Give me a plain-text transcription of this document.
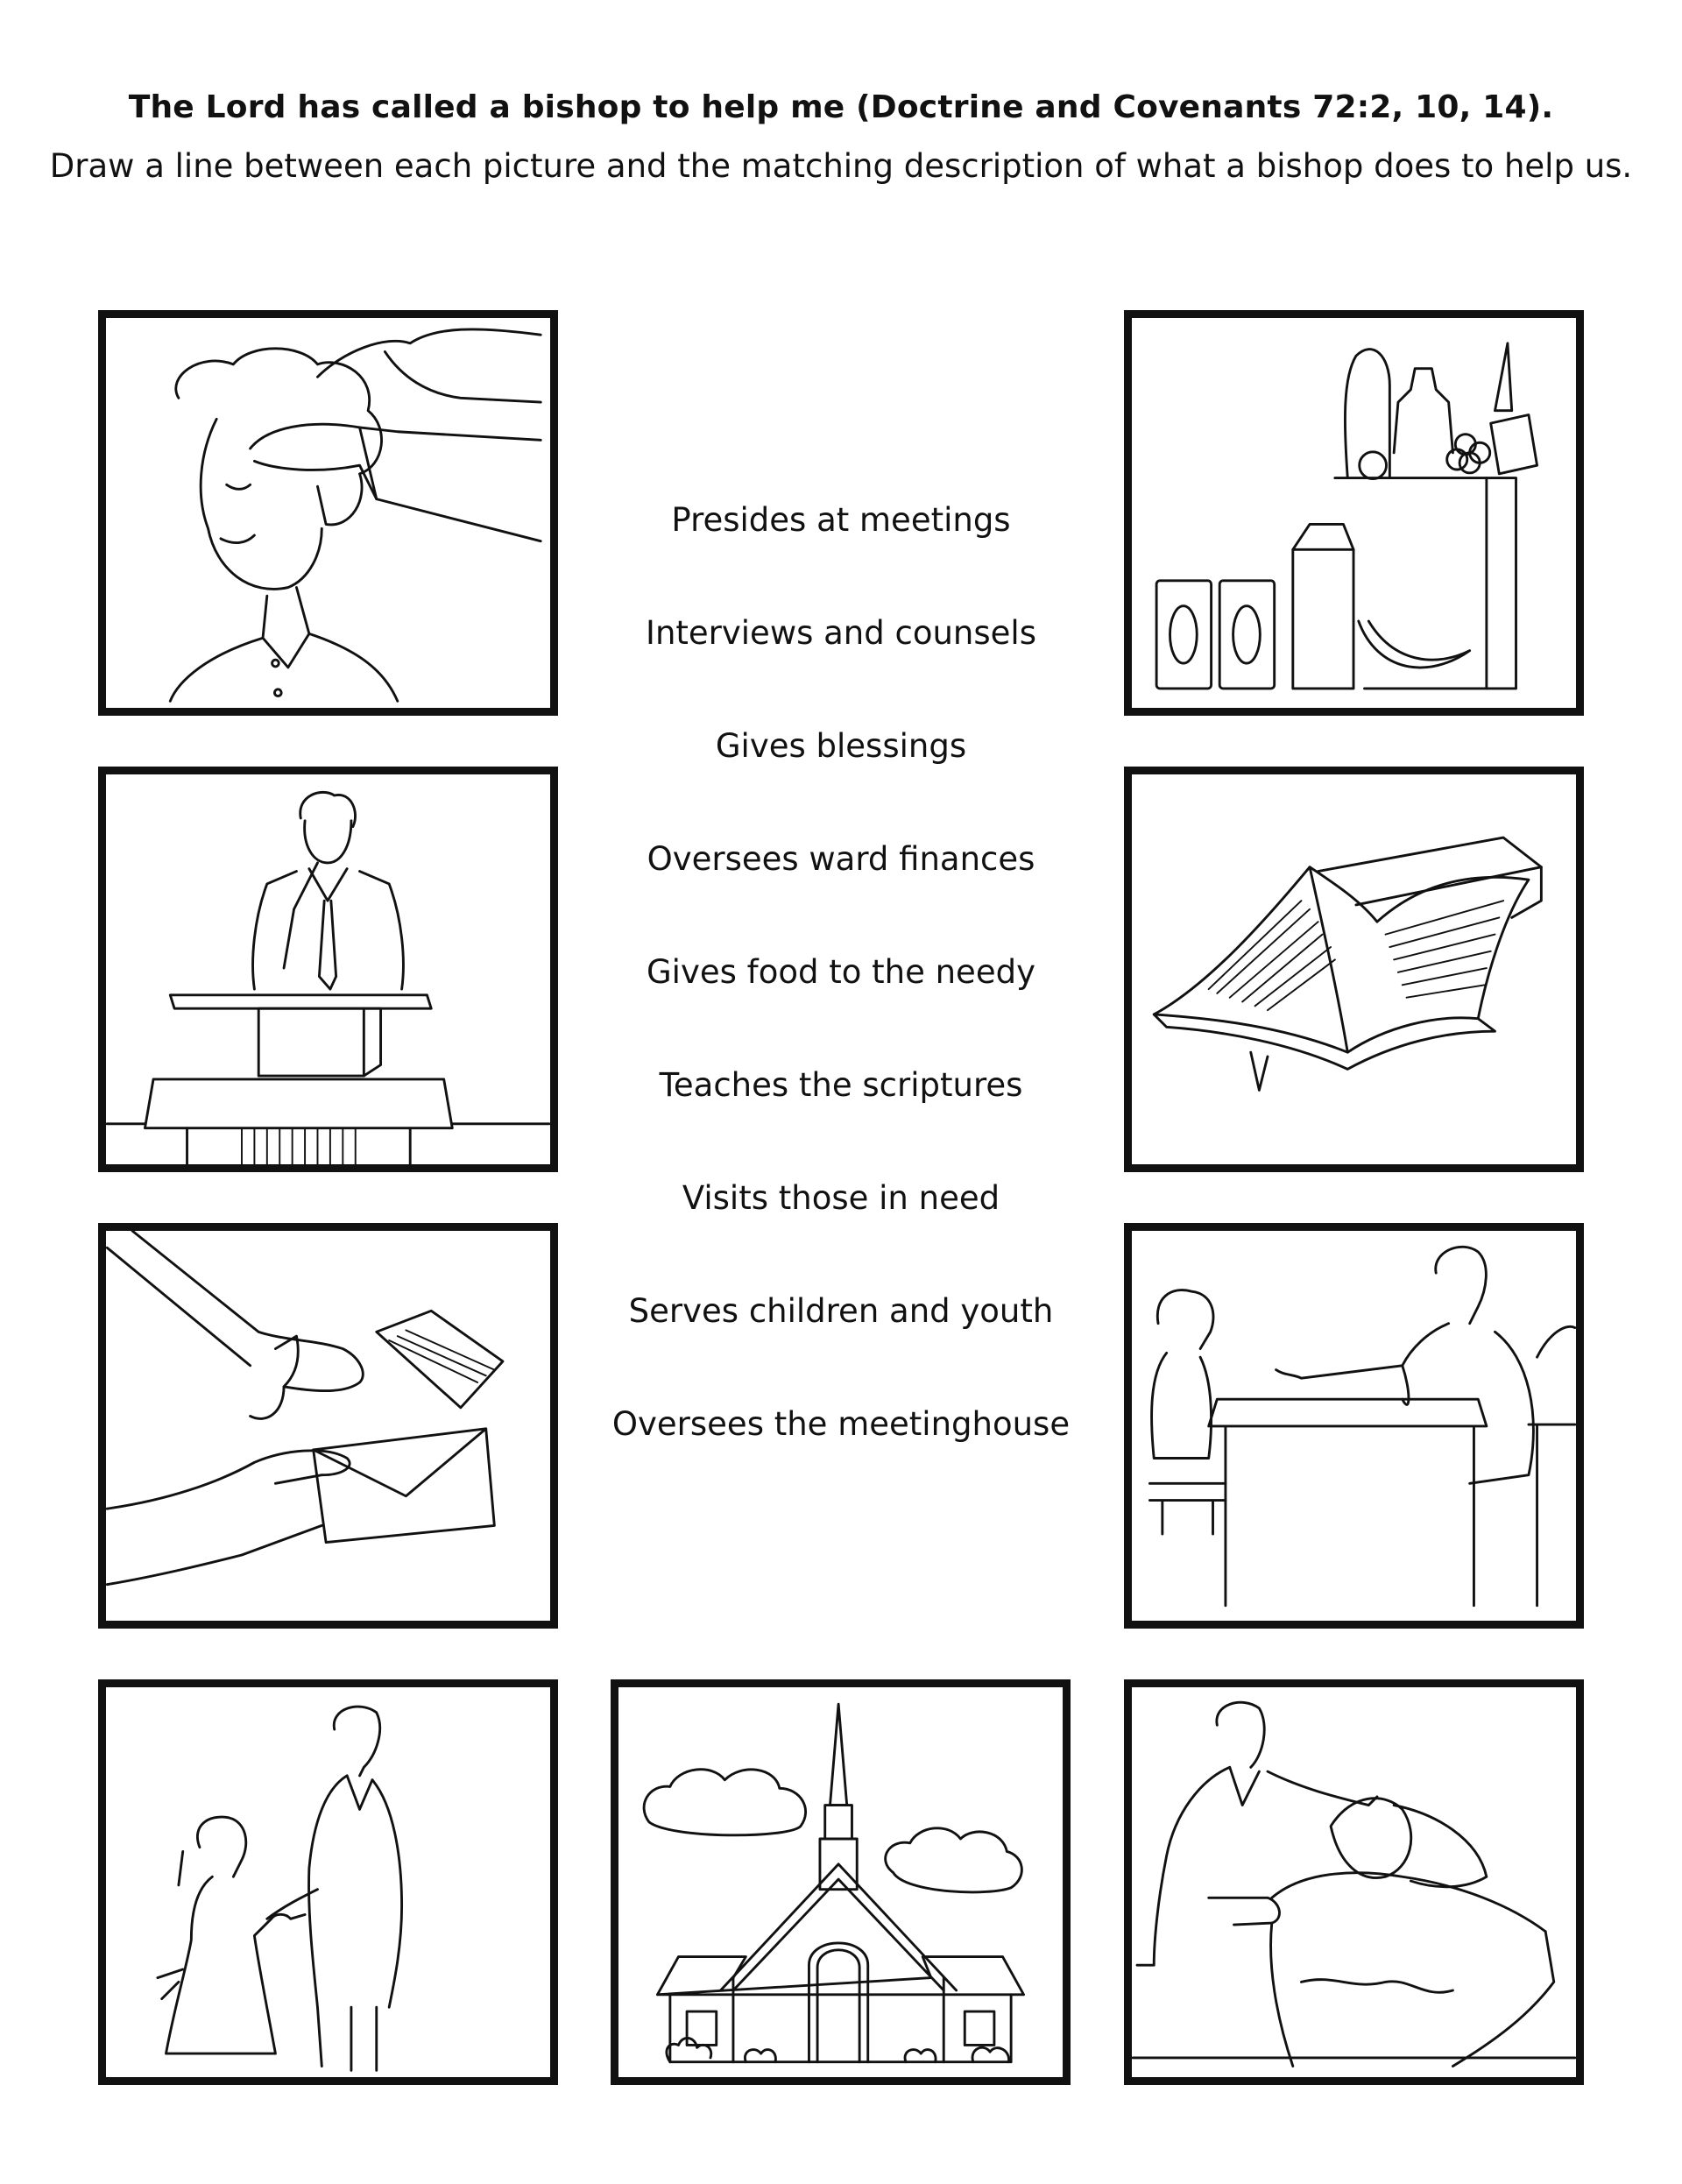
The Lord has called a bishop to help me (Doctrine and Covenants 72:2, 10, 14).
Draw a line between each picture and the matching description of what a bishop does to help us.
Presides at meetings
Interviews and counsels
Gives blessings
Oversees ward finances
Gives food to the needy
Teaches the scriptures
Visits those in need
Serves children and youth
Oversees the meetinghouse
